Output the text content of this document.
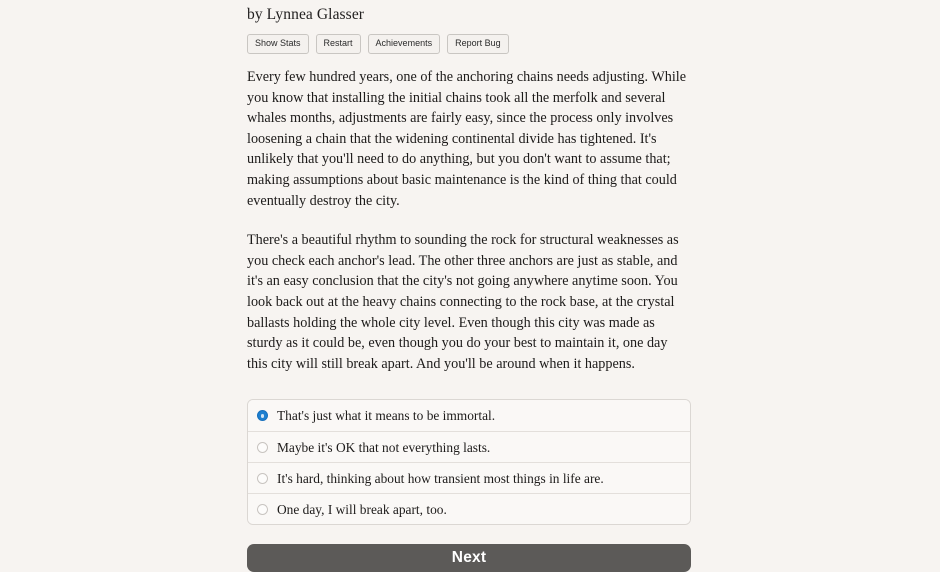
by Lynnea Glasser
Show Stats	Restart	Achievements	Report Bug

Every few hundred years, one of the anchoring chains needs adjusting. While you know that installing the initial chains took all the merfolk and several whales months, adjustments are fairly easy, since the process only involves loosening a chain that the widening continental divide has tightened. It's unlikely that you'll need to do anything, but you don't want to assume that; making assumptions about basic maintenance is the kind of thing that could eventually destroy the city.

There's a beautiful rhythm to sounding the rock for structural weaknesses as you check each anchor's lead. The other three anchors are just as stable, and it's an easy conclusion that the city's not going anywhere anytime soon. You look back out at the heavy chains connecting to the rock base, at the crystal ballasts holding the whole city level. Even though this city was made as sturdy as it could be, even though you do your best to maintain it, one day this city will still break apart. And you'll be around when it happens.

That's just what it means to be immortal.
Maybe it's OK that not everything lasts.
It's hard, thinking about how transient most things in life are.
One day, I will break apart, too.
Next
